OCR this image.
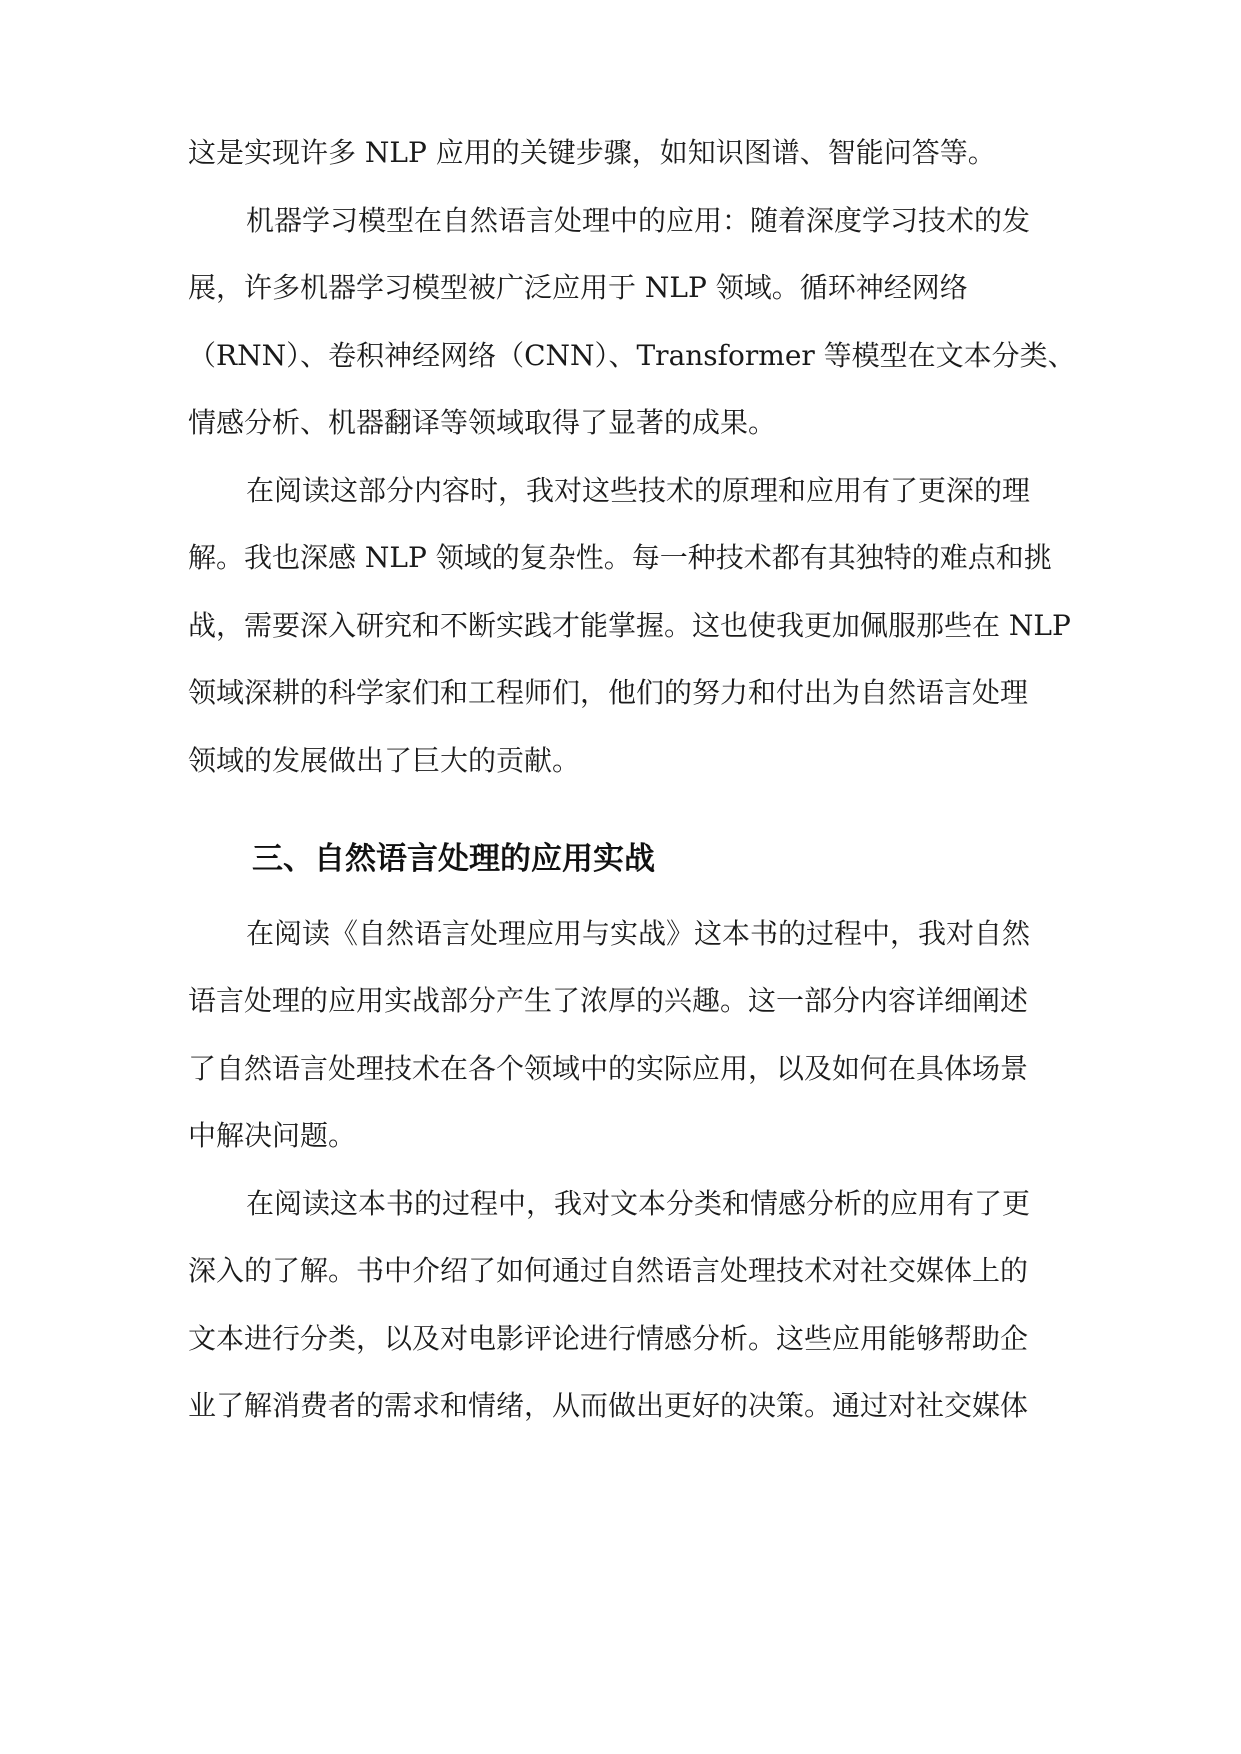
这是实现许多 NLP 应用的关键步骤，如知识图谱、智能问答等。
机器学习模型在自然语言处理中的应用：随着深度学习技术的发
展，许多机器学习模型被广泛应用于 NLP 领域。循环神经网络
（RNN）、卷积神经网络（CNN）、Transformer 等模型在文本分类、
情感分析、机器翻译等领域取得了显著的成果。
在阅读这部分内容时，我对这些技术的原理和应用有了更深的理
解。我也深感 NLP 领域的复杂性。每一种技术都有其独特的难点和挑
战，需要深入研究和不断实践才能掌握。这也使我更加佩服那些在 NLP
领域深耕的科学家们和工程师们，他们的努力和付出为自然语言处理
领域的发展做出了巨大的贡献。
三、自然语言处理的应用实战
在阅读《自然语言处理应用与实战》这本书的过程中，我对自然
语言处理的应用实战部分产生了浓厚的兴趣。这一部分内容详细阐述
了自然语言处理技术在各个领域中的实际应用，以及如何在具体场景
中解决问题。
在阅读这本书的过程中，我对文本分类和情感分析的应用有了更
深入的了解。书中介绍了如何通过自然语言处理技术对社交媒体上的
文本进行分类，以及对电影评论进行情感分析。这些应用能够帮助企
业了解消费者的需求和情绪，从而做出更好的决策。通过对社交媒体
